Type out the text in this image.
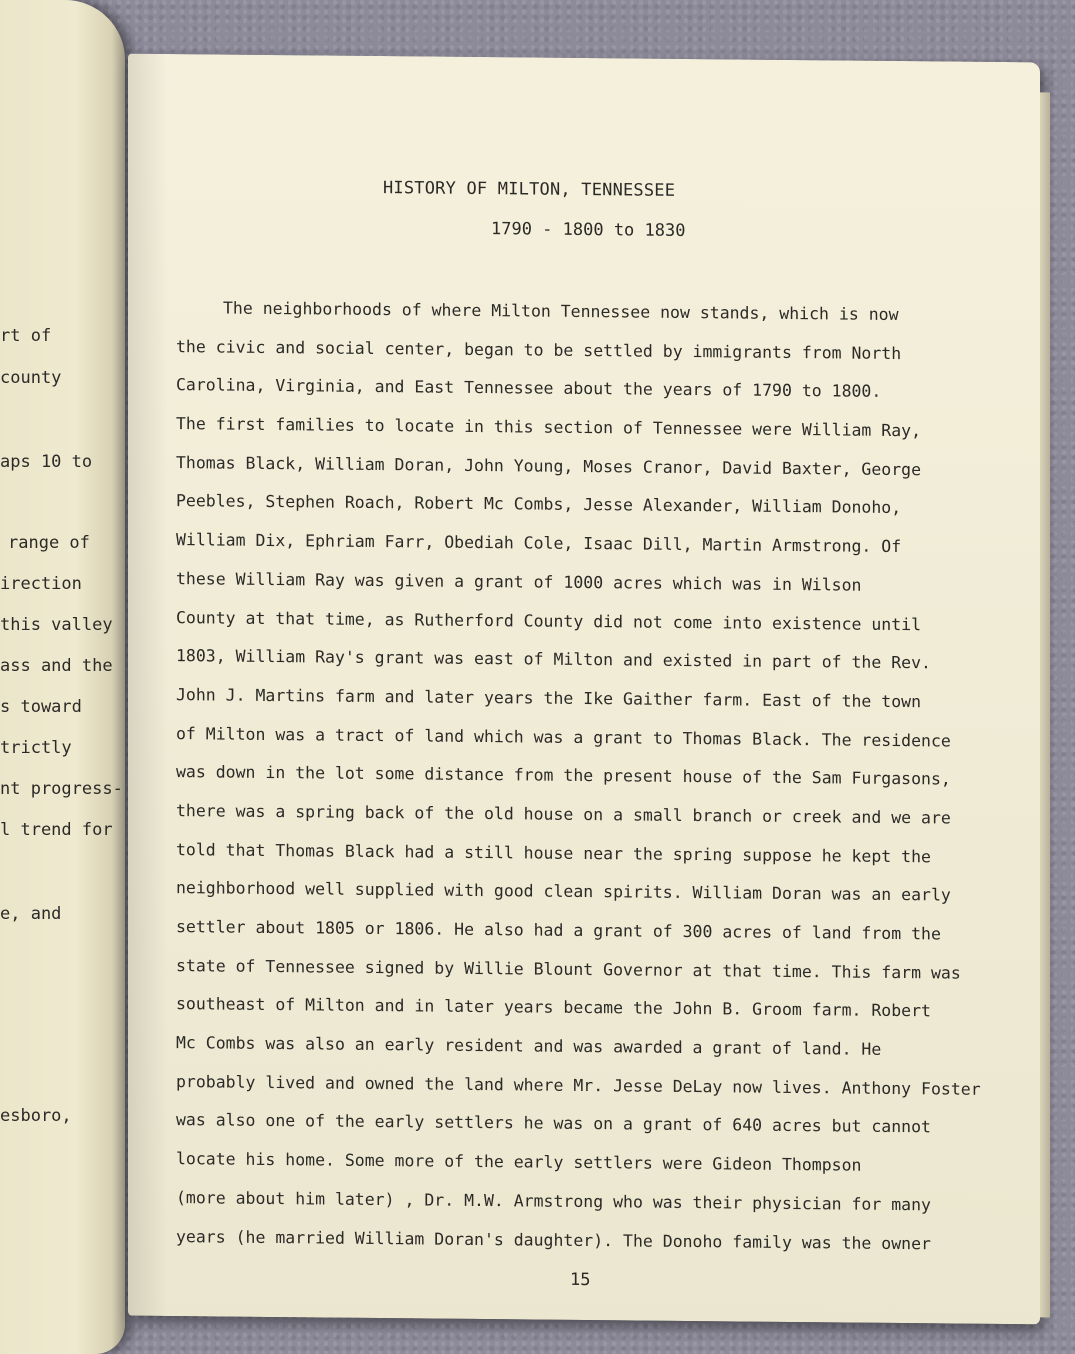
rt of
county
aps 10 to
range of
irection
this valley
ass and the
s toward
trictly
nt progress-
l trend for
e, and
esboro,
HISTORY OF MILTON, TENNESSEE
1790 - 1800 to 1830
The neighborhoods of where Milton Tennessee now stands, which is now
the civic and social center, began to be settled by immigrants from North
Carolina, Virginia, and East Tennessee about the years of 1790 to 1800.
The first families to locate in this section of Tennessee were William Ray,
Thomas Black, William Doran, John Young, Moses Cranor, David Baxter, George
Peebles, Stephen Roach, Robert Mc Combs, Jesse Alexander, William Donoho,
William Dix, Ephriam Farr, Obediah Cole, Isaac Dill, Martin Armstrong. Of
these William Ray was given a grant of 1000 acres which was in Wilson
County at that time, as Rutherford County did not come into existence until
1803, William Ray's grant was east of Milton and existed in part of the Rev.
John J. Martins farm and later years the Ike Gaither farm. East of the town
of Milton was a tract of land which was a grant to Thomas Black. The residence
was down in the lot some distance from the present house of the Sam Furgasons,
there was a spring back of the old house on a small branch or creek and we are
told that Thomas Black had a still house near the spring suppose he kept the
neighborhood well supplied with good clean spirits. William Doran was an early
settler about 1805 or 1806. He also had a grant of 300 acres of land from the
state of Tennessee signed by Willie Blount Governor at that time. This farm was
southeast of Milton and in later years became the John B. Groom farm. Robert
Mc Combs was also an early resident and was awarded a grant of land. He
probably lived and owned the land where Mr. Jesse DeLay now lives. Anthony Foster
was also one of the early settlers he was on a grant of 640 acres but cannot
locate his home. Some more of the early settlers were Gideon Thompson
(more about him later) , Dr. M.W. Armstrong who was their physician for many
years (he married William Doran's daughter). The Donoho family was the owner
15
